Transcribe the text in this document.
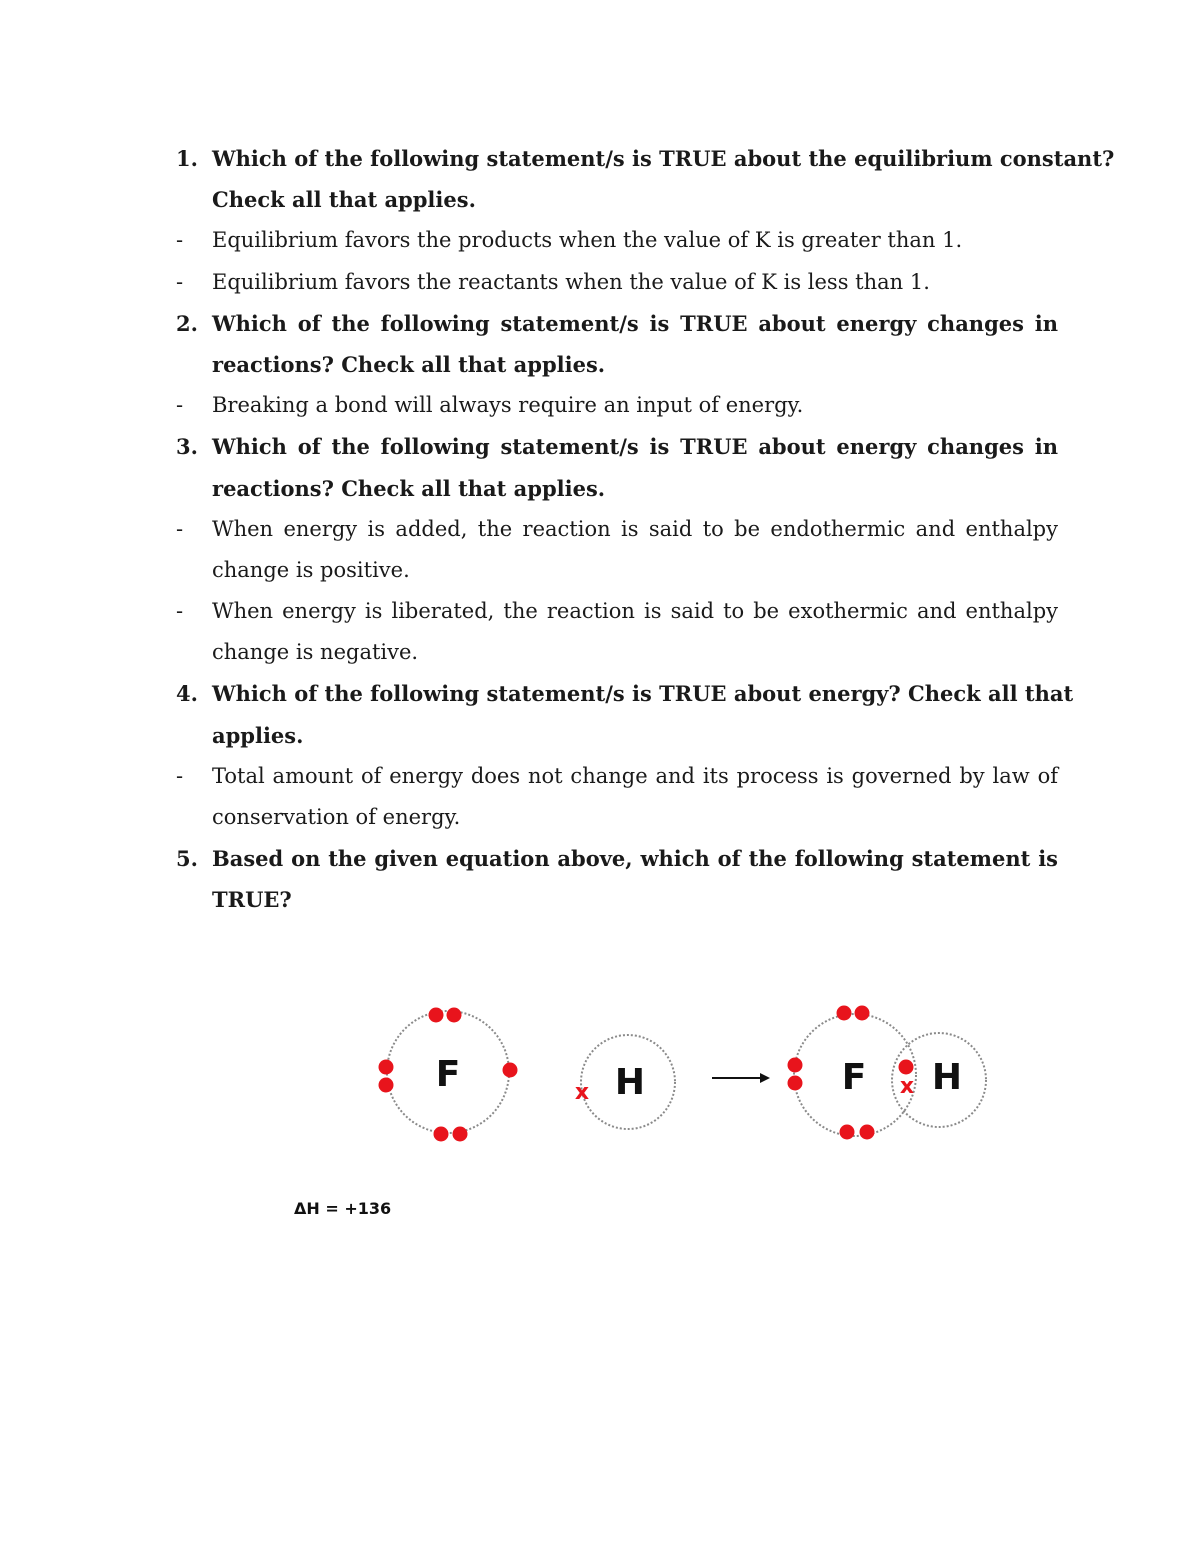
1. Which of the following statement/s is TRUE about the equilibrium constant?
Check all that applies.
- Equilibrium favors the products when the value of K is greater than 1.
- Equilibrium favors the reactants when the value of K is less than 1.
2. Which of the following statement/s is TRUE about energy changes in
reactions? Check all that applies.
- Breaking a bond will always require an input of energy.
3. Which of the following statement/s is TRUE about energy changes in
reactions? Check all that applies.
- When energy is added, the reaction is said to be endothermic and enthalpy
change is positive.
- When energy is liberated, the reaction is said to be exothermic and enthalpy
change is negative.
4. Which of the following statement/s is TRUE about energy? Check all that
applies.
- Total amount of energy does not change and its process is governed by law of
conservation of energy.
5. Based on the given equation above, which of the following statement is
TRUE?
F	H
x	F H
x
ΔH = +136
